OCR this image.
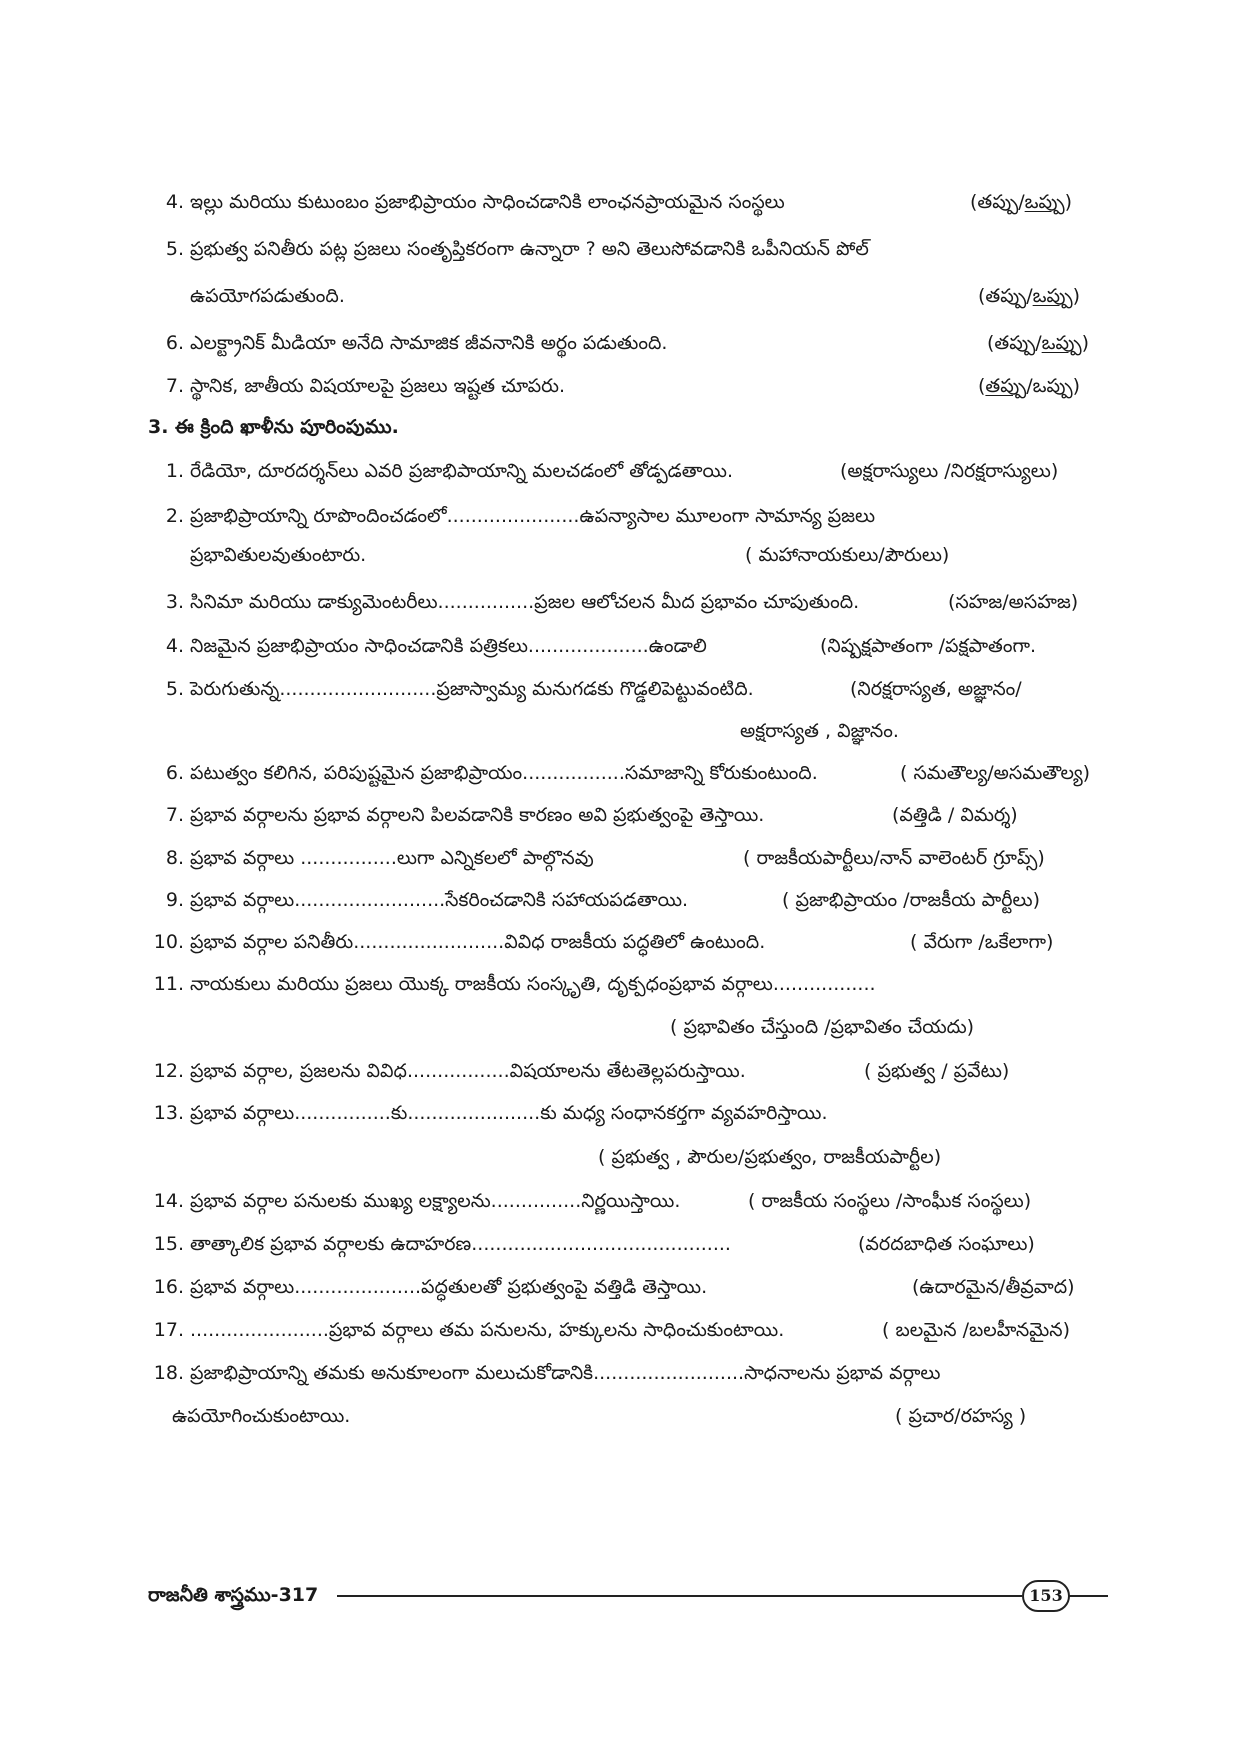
4. ఇల్లు మరియు కుటుంబం ప్రజాభిప్రాయం సాధించడానికి లాంఛనప్రాయమైన సంస్థలు	(తప్పు/ఒప్పు)
5. ప్రభుత్వ పనితీరు పట్ల ప్రజలు సంతృప్తికరంగా ఉన్నారా ? అని తెలుసోవడానికి ఒపీనియన్ పోల్
ఉపయోగపడుతుంది.	(తప్పు/ఒప్పు)
6. ఎలక్ట్రానిక్ మీడియా అనేది సామాజిక జీవనానికి అర్థం పడుతుంది.	(తప్పు/ఒప్పు)
7. స్థానిక, జాతీయ విషయాలపై ప్రజలు ఇష్టత చూపరు.	(తప్పు/ఒప్పు)
3. ఈ క్రింది ఖాళీను పూరింపుము.
1. రేడియో, దూరదర్శన్‌లు ఎవరి ప్రజాభిపాయాన్ని మలచడంలో తోడ్పడతాయి.	(అక్షరాస్యులు /నిరక్షరాస్యులు)
2. ప్రజాభిప్రాయాన్ని రూపొందించడంలో......................ఉపన్యాసాల మూలంగా సామాన్య ప్రజలు
ప్రభావితులవుతుంటారు.	( మహానాయకులు/పౌరులు)
3. సినిమా మరియు డాక్యుమెంటరీలు................ప్రజల ఆలోచలన మీద ప్రభావం చూపుతుంది.	(సహజ/అసహజ)
4. నిజమైన ప్రజాభిప్రాయం సాధించడానికి పత్రికలు....................ఉండాలి	(నిష్పక్షపాతంగా /పక్షపాతంగా.
5. పెరుగుతున్న..........................ప్రజాస్వామ్య మనుగడకు గొడ్డలిపెట్టువంటిది.	(నిరక్షరాస్యత, అజ్ఞానం/
అక్షరాస్యత , విజ్ఞానం.
6. పటుత్వం కలిగిన, పరిపుష్టమైన ప్రజాభిప్రాయం.................సమాజాన్ని కోరుకుంటుంది.	( సమతౌల్య/అసమతౌల్య)
7. ప్రభావ వర్గాలను ప్రభావ వర్గాలని పిలవడానికి కారణం అవి ప్రభుత్వంపై తెస్తాయి.	(వత్తిడి / విమర్శ)
8. ప్రభావ వర్గాలు ................లుగా ఎన్నికలలో పాల్గొనవు	( రాజకీయపార్టీలు/నాన్ వాలెంటర్ గ్రూప్స్)
9. ప్రభావ వర్గాలు.........................సేకరించడానికి సహాయపడతాయి.	( ప్రజాభిప్రాయం /రాజకీయ పార్టీలు)
10. ప్రభావ వర్గాల పనితీరు.........................వివిధ రాజకీయ పద్ధతిలో ఉంటుంది.	( వేరుగా /ఒకేలాగా)
11. నాయకులు మరియు ప్రజలు యొక్క రాజకీయ సంస్కృతి, దృక్పధంప్రభావ వర్గాలు.................
( ప్రభావితం చేస్తుంది /ప్రభావితం చేయదు)
12. ప్రభావ వర్గాల, ప్రజలను వివిధ.................విషయాలను తేటతెల్లపరుస్తాయి.	( ప్రభుత్వ / ప్రవేటు)
13. ప్రభావ వర్గాలు................కు......................కు మధ్య సంధానకర్తగా వ్యవహరిస్తాయి.
( ప్రభుత్వ , పౌరుల/ప్రభుత్వం, రాజకీయపార్టీల)
14. ప్రభావ వర్గాల పనులకు ముఖ్య లక్ష్యాలను...............నిర్ణయిస్తాయి.	( రాజకీయ సంస్థలు /సాంఘీక సంస్థలు)
15. తాత్కాలిక ప్రభావ వర్గాలకు ఉదాహరణ...........................................	(వరదబాధిత సంఘాలు)
16. ప్రభావ వర్గాలు.....................పద్ధతులతో ప్రభుత్వంపై వత్తిడి తెస్తాయి.	(ఉదారమైన/తీవ్రవాద)
17. .......................ప్రభావ వర్గాలు తమ పనులను, హక్కులను సాధించుకుంటాయి.	( బలమైన /బలహీనమైన)
18. ప్రజాభిప్రాయాన్ని తమకు అనుకూలంగా మలుచుకోడానికి.........................సాధనాలను ప్రభావ వర్గాలు
ఉపయోగించుకుంటాయి.	( ప్రచార/రహస్య )
రాజనీతి శాస్త్రము-317	153
